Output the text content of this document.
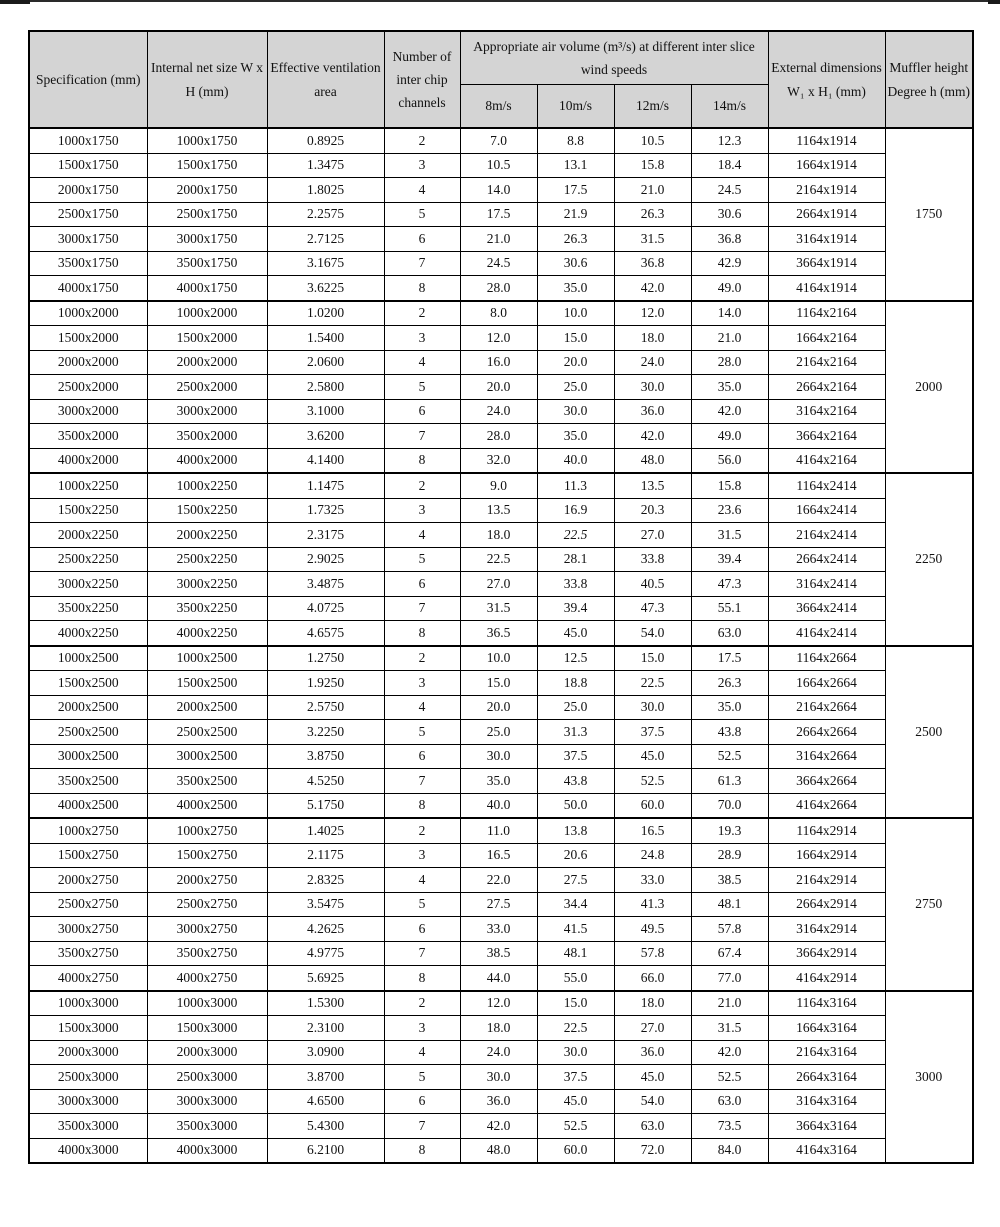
Specification (mm)	Internal net size W x H (mm)	Effective ventilation area	Number of inter chip channels	Appropriate air volume (m³/s) at different inter slice wind speeds				External dimensions W₁ x H₁ (mm)	Muffler height Degree h (mm)
				8m/s	10m/s	12m/s	14m/s		
1000x1750	1000x1750	0.8925	2	7.0	8.8	10.5	12.3	1164x1914	1750
1500x1750	1500x1750	1.3475	3	10.5	13.1	15.8	18.4	1664x1914	
2000x1750	2000x1750	1.8025	4	14.0	17.5	21.0	24.5	2164x1914	
2500x1750	2500x1750	2.2575	5	17.5	21.9	26.3	30.6	2664x1914	
3000x1750	3000x1750	2.7125	6	21.0	26.3	31.5	36.8	3164x1914	
3500x1750	3500x1750	3.1675	7	24.5	30.6	36.8	42.9	3664x1914	
4000x1750	4000x1750	3.6225	8	28.0	35.0	42.0	49.0	4164x1914	
1000x2000	1000x2000	1.0200	2	8.0	10.0	12.0	14.0	1164x2164	2000
1500x2000	1500x2000	1.5400	3	12.0	15.0	18.0	21.0	1664x2164	
2000x2000	2000x2000	2.0600	4	16.0	20.0	24.0	28.0	2164x2164	
2500x2000	2500x2000	2.5800	5	20.0	25.0	30.0	35.0	2664x2164	
3000x2000	3000x2000	3.1000	6	24.0	30.0	36.0	42.0	3164x2164	
3500x2000	3500x2000	3.6200	7	28.0	35.0	42.0	49.0	3664x2164	
4000x2000	4000x2000	4.1400	8	32.0	40.0	48.0	56.0	4164x2164	
1000x2250	1000x2250	1.1475	2	9.0	11.3	13.5	15.8	1164x2414	2250
1500x2250	1500x2250	1.7325	3	13.5	16.9	20.3	23.6	1664x2414	
2000x2250	2000x2250	2.3175	4	18.0	22.5	27.0	31.5	2164x2414	
2500x2250	2500x2250	2.9025	5	22.5	28.1	33.8	39.4	2664x2414	
3000x2250	3000x2250	3.4875	6	27.0	33.8	40.5	47.3	3164x2414	
3500x2250	3500x2250	4.0725	7	31.5	39.4	47.3	55.1	3664x2414	
4000x2250	4000x2250	4.6575	8	36.5	45.0	54.0	63.0	4164x2414	
1000x2500	1000x2500	1.2750	2	10.0	12.5	15.0	17.5	1164x2664	2500
1500x2500	1500x2500	1.9250	3	15.0	18.8	22.5	26.3	1664x2664	
2000x2500	2000x2500	2.5750	4	20.0	25.0	30.0	35.0	2164x2664	
2500x2500	2500x2500	3.2250	5	25.0	31.3	37.5	43.8	2664x2664	
3000x2500	3000x2500	3.8750	6	30.0	37.5	45.0	52.5	3164x2664	
3500x2500	3500x2500	4.5250	7	35.0	43.8	52.5	61.3	3664x2664	
4000x2500	4000x2500	5.1750	8	40.0	50.0	60.0	70.0	4164x2664	
1000x2750	1000x2750	1.4025	2	11.0	13.8	16.5	19.3	1164x2914	2750
1500x2750	1500x2750	2.1175	3	16.5	20.6	24.8	28.9	1664x2914	
2000x2750	2000x2750	2.8325	4	22.0	27.5	33.0	38.5	2164x2914	
2500x2750	2500x2750	3.5475	5	27.5	34.4	41.3	48.1	2664x2914	
3000x2750	3000x2750	4.2625	6	33.0	41.5	49.5	57.8	3164x2914	
3500x2750	3500x2750	4.9775	7	38.5	48.1	57.8	67.4	3664x2914	
4000x2750	4000x2750	5.6925	8	44.0	55.0	66.0	77.0	4164x2914	
1000x3000	1000x3000	1.5300	2	12.0	15.0	18.0	21.0	1164x3164	3000
1500x3000	1500x3000	2.3100	3	18.0	22.5	27.0	31.5	1664x3164	
2000x3000	2000x3000	3.0900	4	24.0	30.0	36.0	42.0	2164x3164	
2500x3000	2500x3000	3.8700	5	30.0	37.5	45.0	52.5	2664x3164	
3000x3000	3000x3000	4.6500	6	36.0	45.0	54.0	63.0	3164x3164	
3500x3000	3500x3000	5.4300	7	42.0	52.5	63.0	73.5	3664x3164	
4000x3000	4000x3000	6.2100	8	48.0	60.0	72.0	84.0	4164x3164	
